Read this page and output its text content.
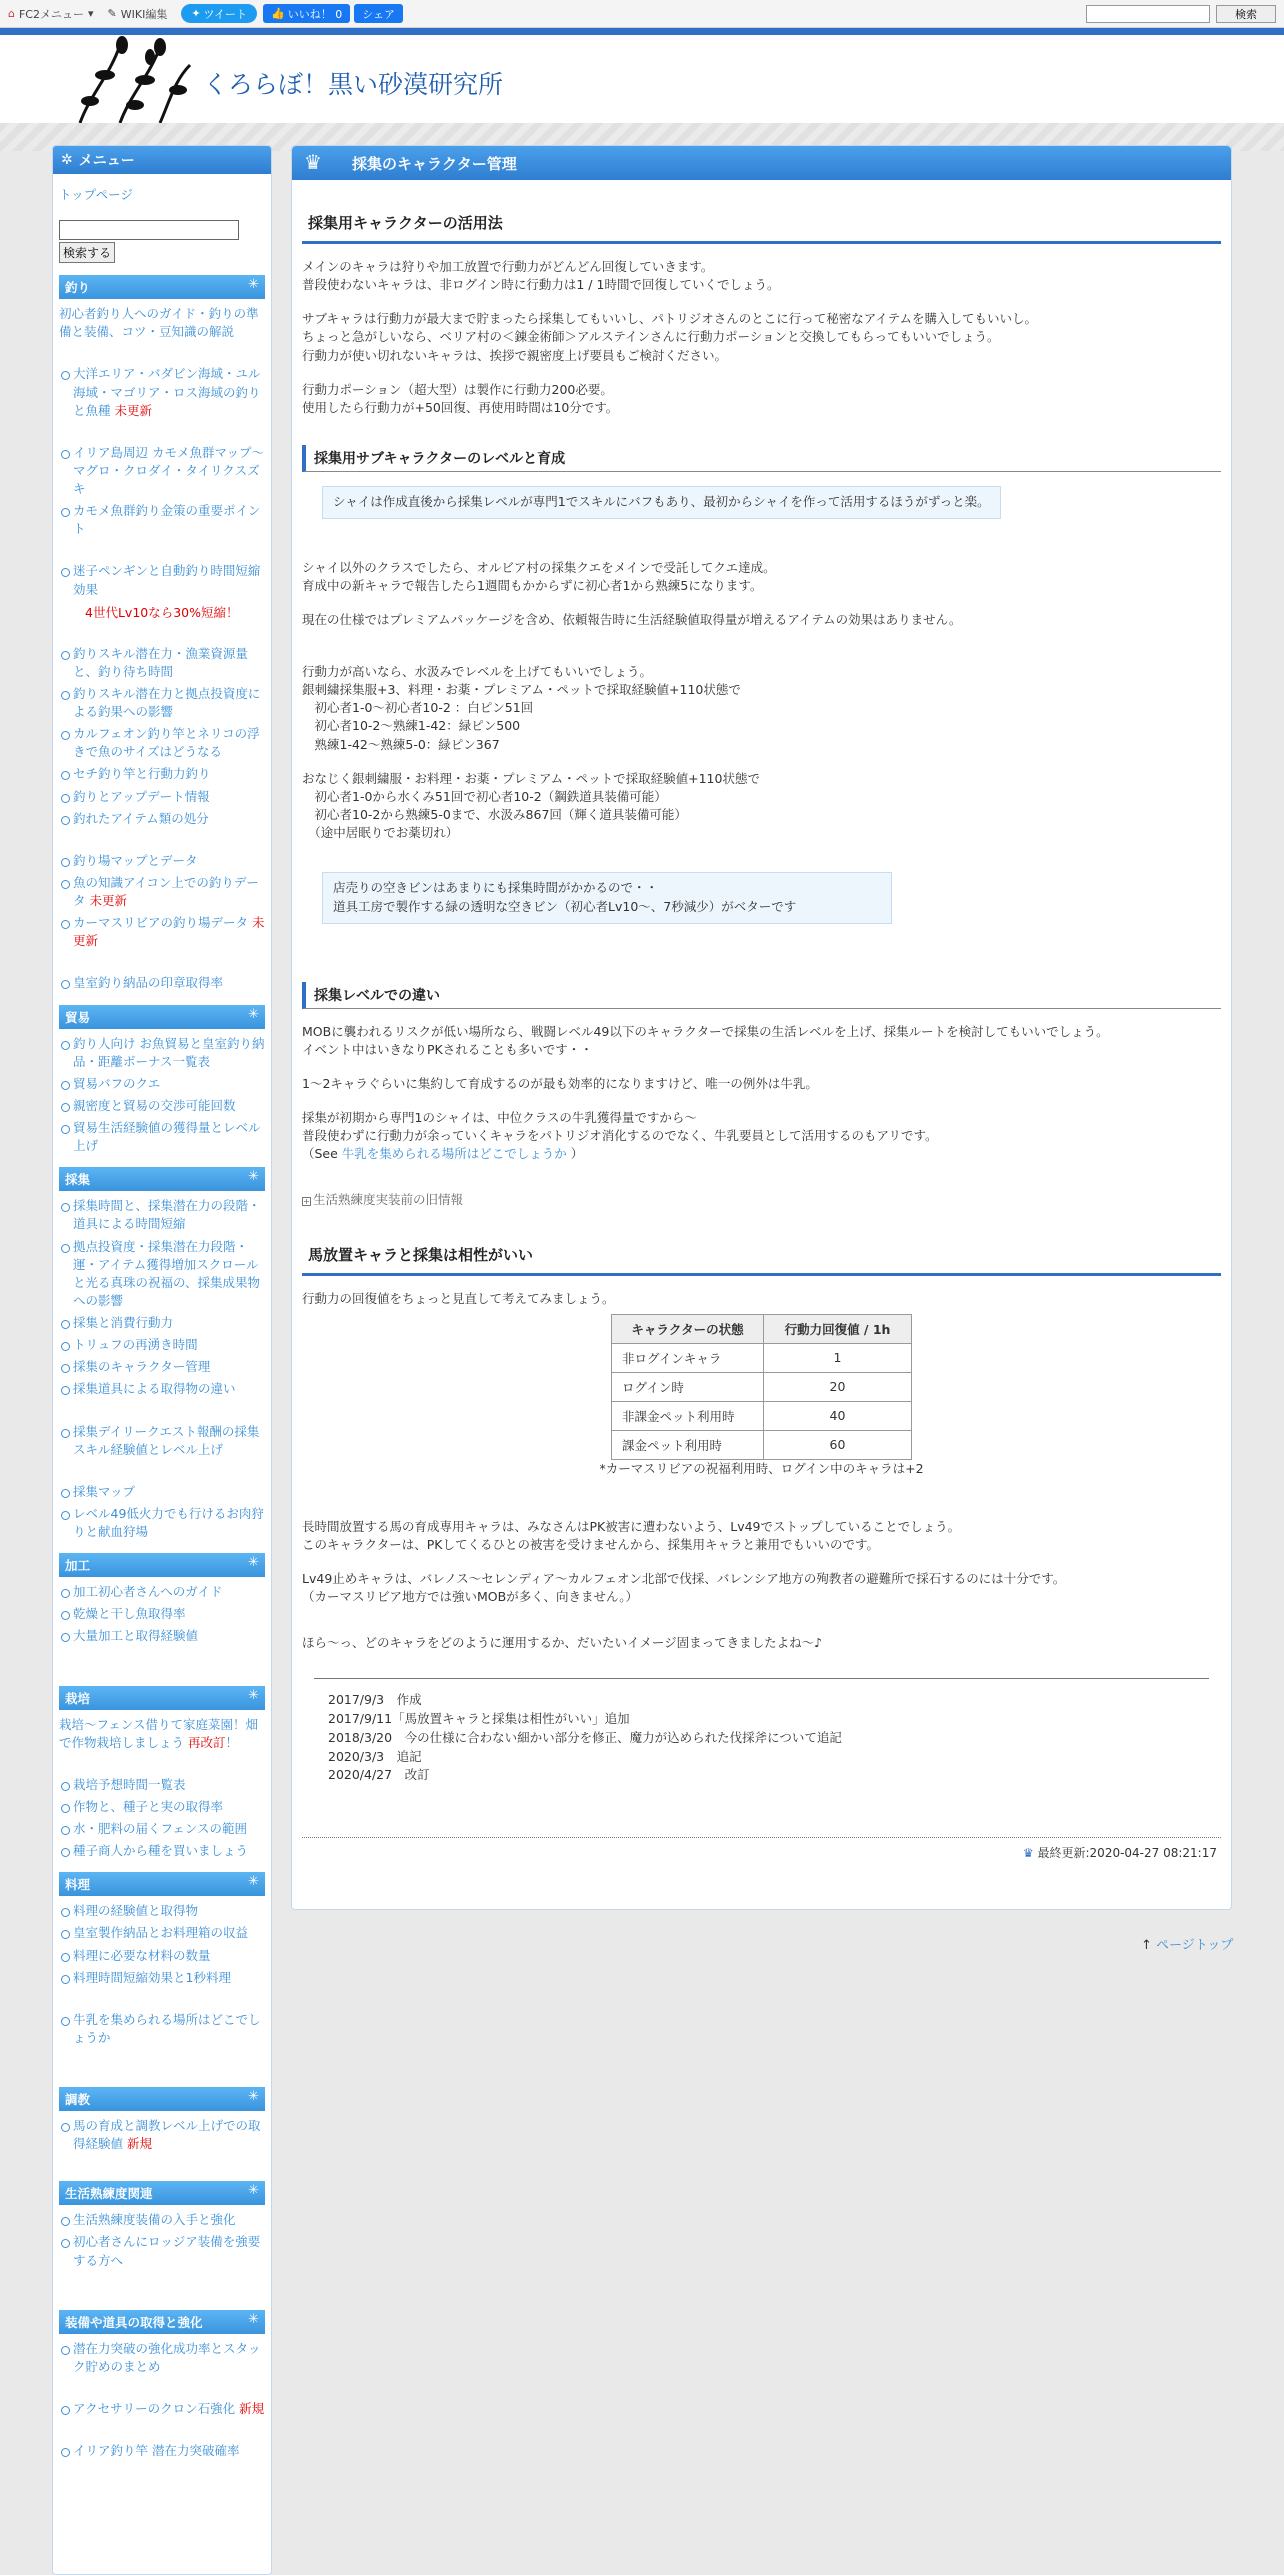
⌂ FC2メニュー ▾ ✎ WIKI編集 ✦ ツイート 👍 いいね！ 0	シェア	検索
くろらぼ！黒い砂漠研究所
✲ メニュー
トップページ
検索する
釣り	✳
初心者釣り人へのガイド・釣りの準備と装備、コツ・豆知識の解説
大洋エリア・バダビン海域・ユル海域・マゴリア・ロス海域の釣りと魚種 未更新
イリア島周辺 カモメ魚群マップ～マグロ・クロダイ・タイリクスズキ
カモメ魚群釣り金策の重要ポイント
迷子ペンギンと自動釣り時間短縮効果
4世代Lv10なら30%短縮！
釣りスキル潜在力・漁業資源量と、釣り待ち時間
釣りスキル潜在力と拠点投資度による釣果への影響
カルフェオン釣り竿とネリコの浮きで魚のサイズはどうなる
セチ釣り竿と行動力釣り
釣りとアップデート情報
釣れたアイテム類の処分
釣り場マップとデータ
魚の知識アイコン上での釣りデータ 未更新
カーマスリビアの釣り場データ 未更新
皇室釣り納品の印章取得率
貿易	✳
釣り人向け お魚貿易と皇室釣り納品・距離ボーナス一覧表
貿易バフのクエ
親密度と貿易の交渉可能回数
貿易生活経験値の獲得量とレベル上げ
採集	✳
採集時間と、採集潜在力の段階・道具による時間短縮
拠点投資度・採集潜在力段階・運・アイテム獲得増加スクロールと光る真珠の祝福の、採集成果物への影響
採集と消費行動力
トリュフの再湧き時間
採集のキャラクター管理
採集道具による取得物の違い
採集デイリークエスト報酬の採集スキル経験値とレベル上げ
採集マップ
レベル49低火力でも行けるお肉狩りと献血狩場
加工	✳
加工初心者さんへのガイド
乾燥と干し魚取得率
大量加工と取得経験値
栽培	✳
栽培～フェンス借りて家庭菜園！畑で作物栽培しましょう 再改訂！
栽培予想時間一覧表
作物と、種子と実の取得率
水・肥料の届くフェンスの範囲
種子商人から種を買いましょう
料理	✳
料理の経験値と取得物
皇室製作納品とお料理箱の収益
料理に必要な材料の数量
料理時間短縮効果と1秒料理
牛乳を集められる場所はどこでしょうか
調教	✳
馬の育成と調教レベル上げでの取得経験値 新規
生活熟練度関連	✳
生活熟練度装備の入手と強化
初心者さんにロッジア装備を強要する方へ
装備や道具の取得と強化	✳
潜在力突破の強化成功率とスタック貯めのまとめ
アクセサリーのクロン石強化 新規
イリア釣り竿 潜在力突破確率
♛ 採集のキャラクター管理
採集用キャラクターの活用法
メインのキャラは狩りや加工放置で行動力がどんどん回復していきます。
普段使わないキャラは、非ログイン時に行動力は1 / 1時間で回復していくでしょう。
サブキャラは行動力が最大まで貯まったら採集してもいいし、パトリジオさんのとこに行って秘密なアイテムを購入してもいいし。
ちょっと急がしいなら、ベリア村の＜錬金術師＞アルステインさんに行動力ポーションと交換してもらってもいいでしょう。
行動力が使い切れないキャラは、挨拶で親密度上げ要員もご検討ください。
行動力ポーション（超大型）は製作に行動力200必要。
使用したら行動力が+50回復、再使用時間は10分です。
採集用サブキャラクターのレベルと育成
シャイは作成直後から採集レベルが専門1でスキルにバフもあり、最初からシャイを作って活用するほうがずっと楽。
シャイ以外のクラスでしたら、オルビア村の採集クエをメインで受託してクエ達成。
育成中の新キャラで報告したら1週間もかからずに初心者1から熟練5になります。
現在の仕様ではプレミアムパッケージを含め、依頼報告時に生活経験値取得量が増えるアイテムの効果はありません。
行動力が高いなら、水汲みでレベルを上げてもいいでしょう。
銀刺繍採集服+3、料理・お薬・プレミアム・ペットで採取経験値+110状態で
　初心者1-0～初心者10-2 ：白ピン51回
　初心者10-2～熟練1-42：緑ピン500
　熟練1-42～熟練5-0：緑ピン367
おなじく銀刺繍服・お料理・お薬・プレミアム・ペットで採取経験値+110状態で
　初心者1-0から水くみ51回で初心者10-2（鋼鉄道具装備可能）
　初心者10-2から熟練5-0まで、水汲み867回（輝く道具装備可能）
　（途中居眠りでお薬切れ）
店売りの空きビンはあまりにも採集時間がかかるので・・
道具工房で製作する緑の透明な空きビン（初心者Lv10～、7秒減少）がベターです
採集レベルでの違い
MOBに襲われるリスクが低い場所なら、戦闘レベル49以下のキャラクターで採集の生活レベルを上げ、採集ルートを検討してもいいでしょう。
イベント中はいきなりPKされることも多いです・・
1～2キャラぐらいに集約して育成するのが最も効率的になりますけど、唯一の例外は牛乳。
採集が初期から専門1のシャイは、中位クラスの牛乳獲得量ですから～
普段使わずに行動力が余っていくキャラをパトリジオ消化するのでなく、牛乳要員として活用するのもアリです。
（See 牛乳を集められる場所はどこでしょうか ）
+ 生活熟練度実装前の旧情報
馬放置キャラと採集は相性がいい
行動力の回復値をちょっと見直して考えてみましょう。
キャラクターの状態	行動力回復値 / 1h
非ログインキャラ	1
ログイン時	20
非課金ペット利用時	40
課金ペット利用時	60
*カーマスリビアの祝福利用時、ログイン中のキャラは+2
長時間放置する馬の育成専用キャラは、みなさんはPK被害に遭わないよう、Lv49でストップしていることでしょう。
このキャラクターは、PKしてくるひとの被害を受けませんから、採集用キャラと兼用でもいいのです。
Lv49止めキャラは、バレノス～セレンディア～カルフェオン北部で伐採、バレンシア地方の殉教者の避難所で採石するのには十分です。
（カーマスリビア地方では強いMOBが多く、向きません。）
ほら～っ、どのキャラをどのように運用するか、だいたいイメージ固まってきましたよね～♪
2017/9/3　作成
2017/9/11「馬放置キャラと採集は相性がいい」追加
2018/3/20　今の仕様に合わない細かい部分を修正、魔力が込められた伐採斧について追記
2020/3/3　追記
2020/4/27　改訂
♛ 最終更新:2020-04-27 08:21:17
↑ ページトップ
